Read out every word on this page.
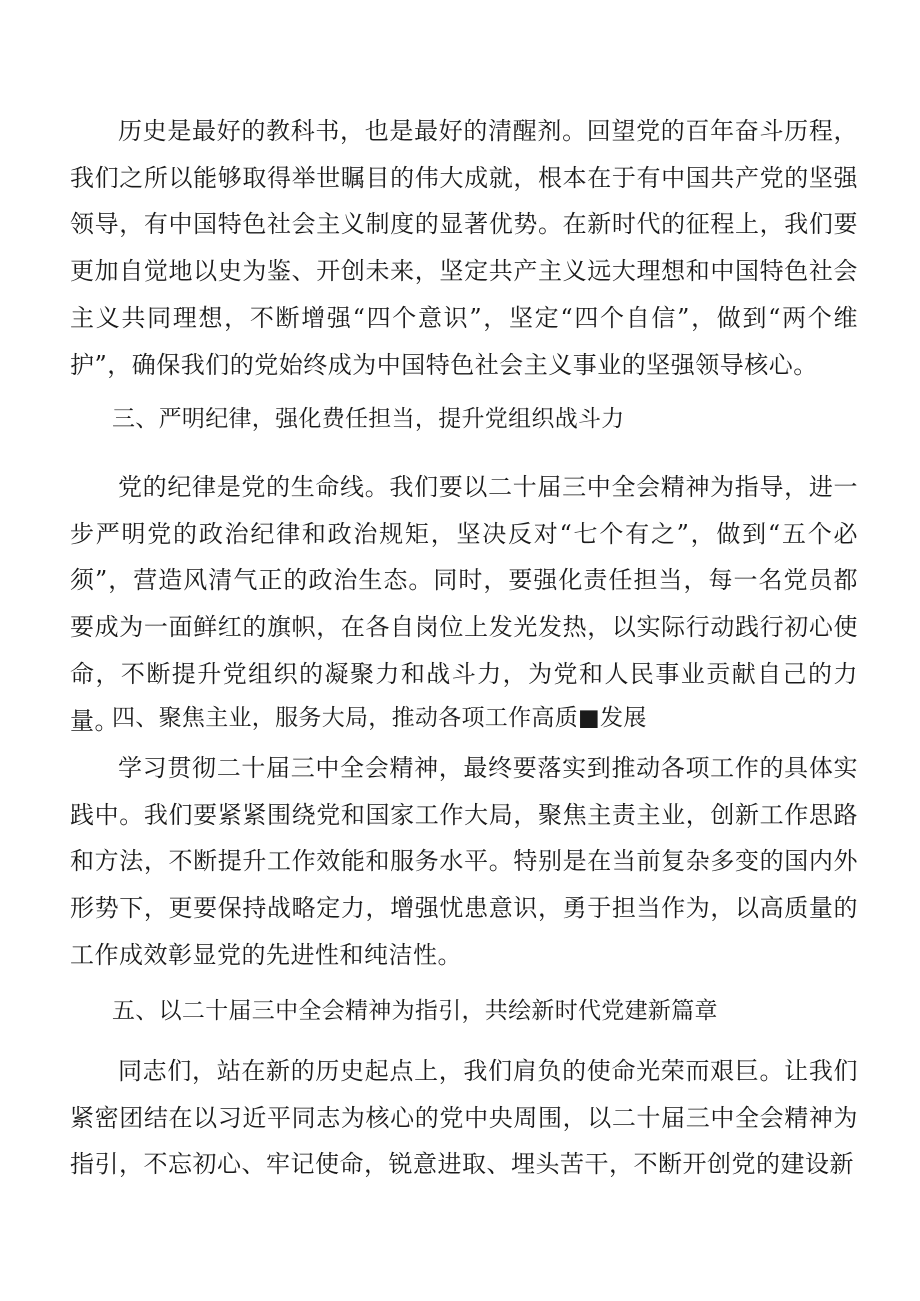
历史是最好的教科书，也是最好的清醒剂。回望党的百年奋斗历程，我们之所以能够取得举世瞩目的伟大成就，根本在于有中国共产党的坚强领导，有中国特色社会主义制度的显著优势。在新时代的征程上，我们要更加自觉地以史为鉴、开创未来，坚定共产主义远大理想和中国特色社会主义共同理想，不断增强“四个意识”，坚定“四个自信”，做到“两个维护”，确保我们的党始终成为中国特色社会主义事业的坚强领导核心。

三、严明纪律，强化费任担当，提升党组织战斗力

党的纪律是党的生命线。我们要以二十届三中全会精神为指导，进一步严明党的政治纪律和政治规矩，坚决反对“七个有之”，做到“五个必须”，营造风清气正的政治生态。同时，要强化责任担当，每一名党员都要成为一面鲜红的旗帜，在各自岗位上发光发热，以实际行动践行初心使命，不断提升党组织的凝聚力和战斗力，为党和人民事业贡献自己的力量。

四、聚焦主业，服务大局，推动各项工作高质■发展

学习贯彻二十届三中全会精神，最终要落实到推动各项工作的具体实践中。我们要紧紧围绕党和国家工作大局，聚焦主责主业，创新工作思路和方法，不断提升工作效能和服务水平。特别是在当前复杂多变的国内外形势下，更要保持战略定力，增强忧患意识，勇于担当作为，以高质量的工作成效彰显党的先进性和纯洁性。

五、以二十届三中全会精神为指引，共绘新时代党建新篇章

同志们，站在新的历史起点上，我们肩负的使命光荣而艰巨。让我们紧密团结在以习近平同志为核心的党中央周围，以二十届三中全会精神为指引，不忘初心、牢记使命，锐意进取、埋头苦干，不断开创党的建设新
